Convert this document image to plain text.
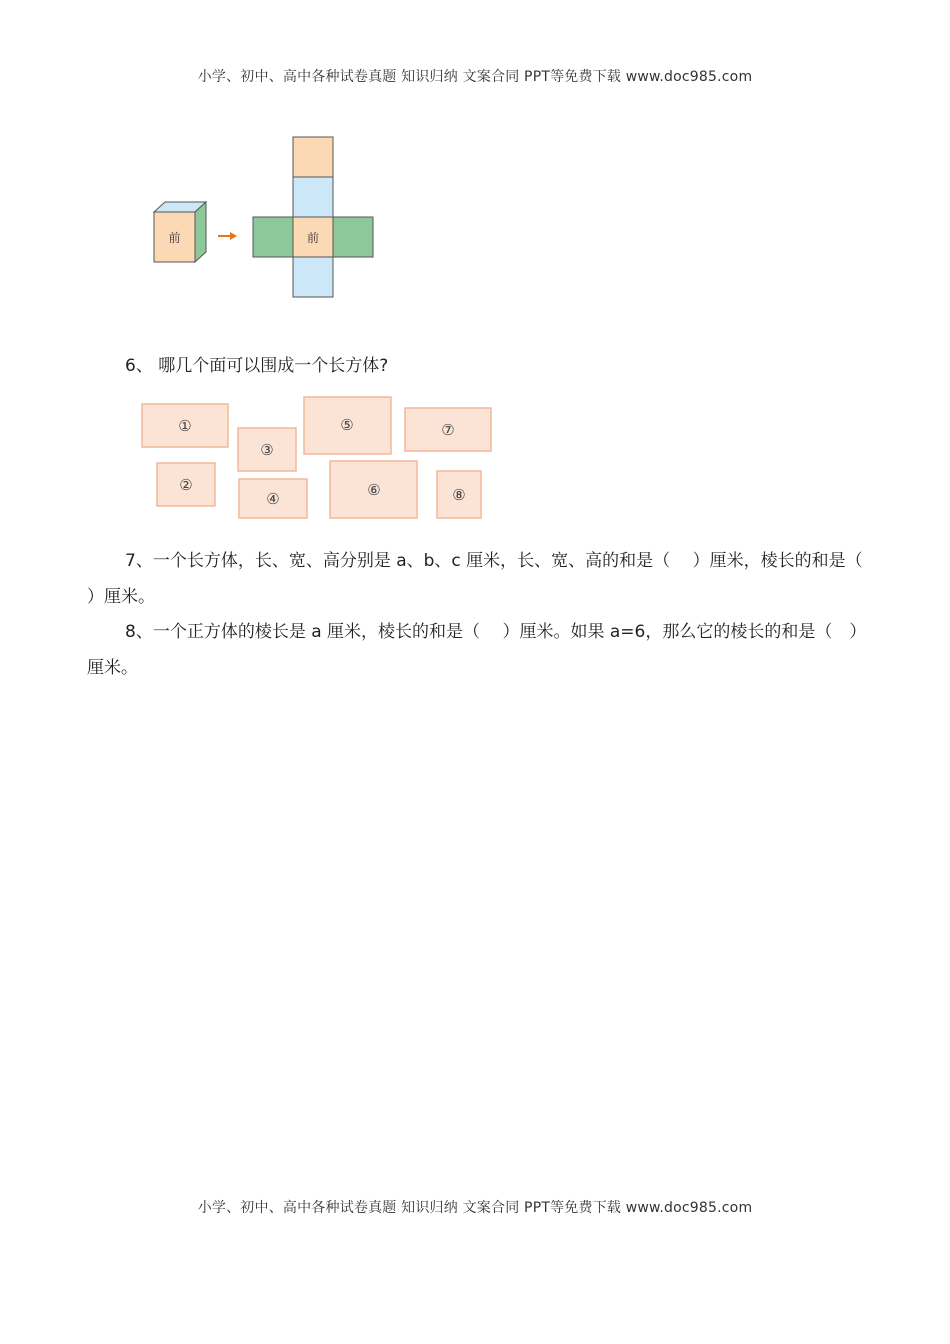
小学、初中、高中各种试卷真题 知识归纳 文案合同 PPT等免费下载 www.doc985.com
前	前
6、 哪几个面可以围成一个长方体?
①
②
③
④
⑤
⑥
⑦
⑧
7、一个长方体，长、宽、高分别是 a、b、c 厘米，长、宽、高的和是（　 ）厘米，棱长的和是（　 ）厘米。
8、一个正方体的棱长是 a 厘米，棱长的和是（　 ）厘米。如果 a=6，那么它的棱长的和是（　）厘米。
小学、初中、高中各种试卷真题 知识归纳 文案合同 PPT等免费下载 www.doc985.com
